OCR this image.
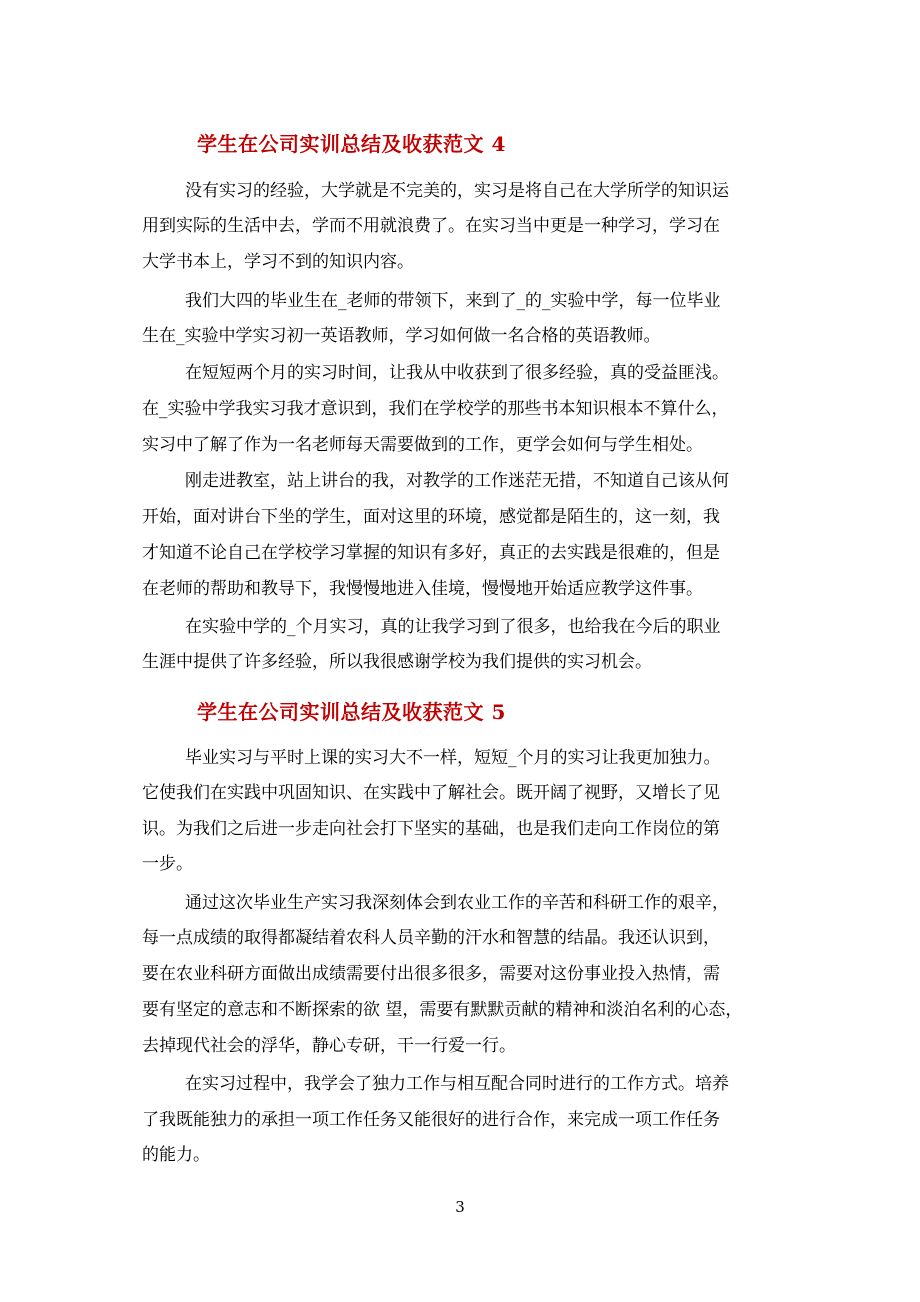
学生在公司实训总结及收获范文 4

没有实习的经验，大学就是不完美的，实习是将自己在大学所学的知识运

用到实际的生活中去，学而不用就浪费了。在实习当中更是一种学习，学习在

大学书本上，学习不到的知识内容。

我们大四的毕业生在_老师的带领下，来到了_的_实验中学，每一位毕业

生在_实验中学实习初一英语教师，学习如何做一名合格的英语教师。

在短短两个月的实习时间，让我从中收获到了很多经验，真的受益匪浅。

在_实验中学我实习我才意识到，我们在学校学的那些书本知识根本不算什么，

实习中了解了作为一名老师每天需要做到的工作，更学会如何与学生相处。

刚走进教室，站上讲台的我，对教学的工作迷茫无措，不知道自己该从何

开始，面对讲台下坐的学生，面对这里的环境，感觉都是陌生的，这一刻，我

才知道不论自己在学校学习掌握的知识有多好，真正的去实践是很难的，但是

在老师的帮助和教导下，我慢慢地进入佳境，慢慢地开始适应教学这件事。

在实验中学的_个月实习，真的让我学习到了很多，也给我在今后的职业

生涯中提供了许多经验，所以我很感谢学校为我们提供的实习机会。

学生在公司实训总结及收获范文 5

毕业实习与平时上课的实习大不一样，短短_个月的实习让我更加独力。

它使我们在实践中巩固知识、在实践中了解社会。既开阔了视野，又增长了见

识。为我们之后进一步走向社会打下坚实的基础，也是我们走向工作岗位的第

一步。

通过这次毕业生产实习我深刻体会到农业工作的辛苦和科研工作的艰辛，

每一点成绩的取得都凝结着农科人员辛勤的汗水和智慧的结晶。我还认识到，

要在农业科研方面做出成绩需要付出很多很多，需要对这份事业投入热情，需

要有坚定的意志和不断探索的欲 望，需要有默默贡献的精神和淡泊名利的心态，

去掉现代社会的浮华，静心专研，干一行爱一行。

在实习过程中，我学会了独力工作与相互配合同时进行的工作方式。培养

了我既能独力的承担一项工作任务又能很好的进行合作，来完成一项工作任务

的能力。

3
